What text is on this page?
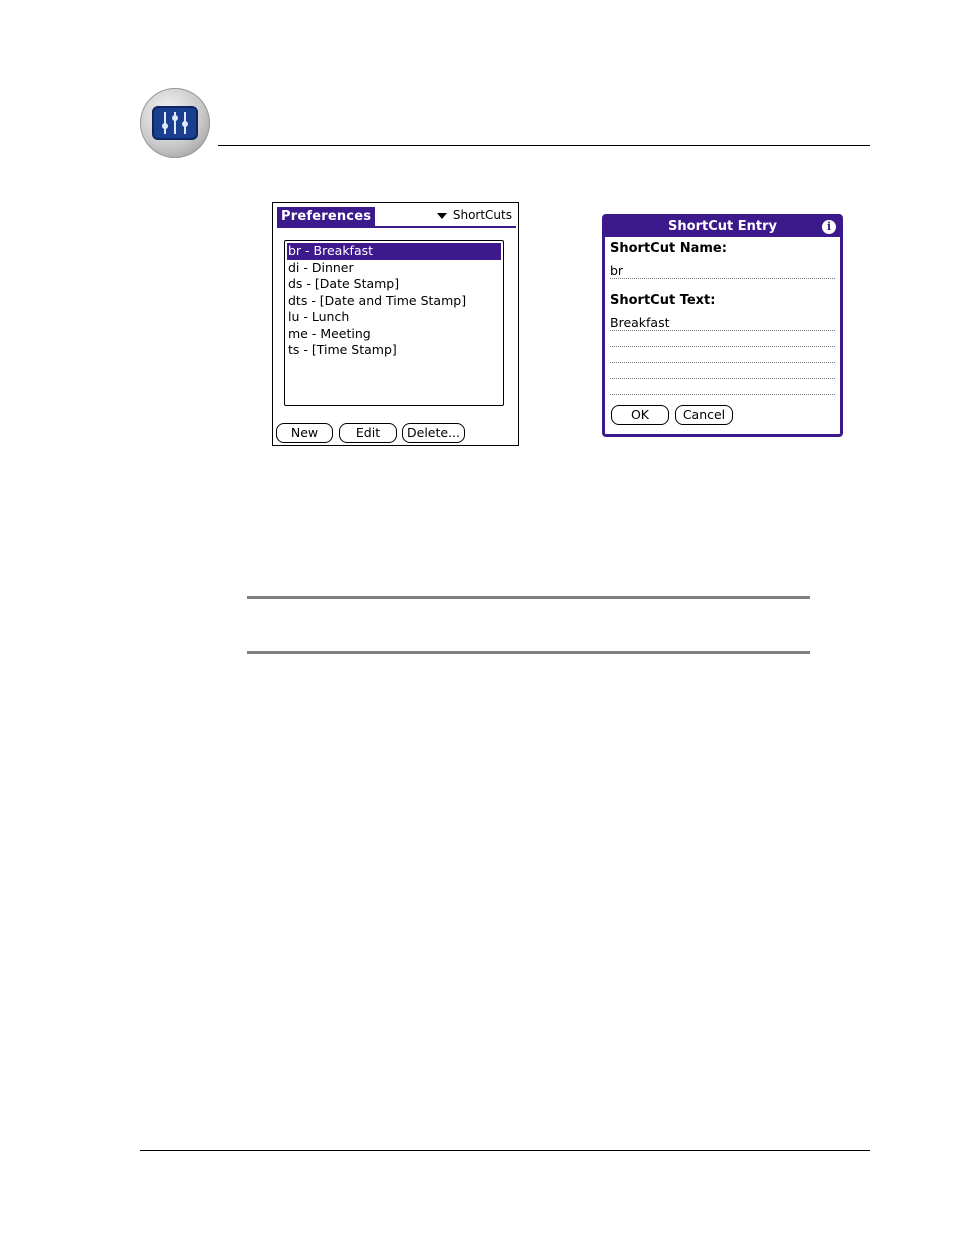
Preferences	ShortCuts
br - Breakfast
di - Dinner
ds - [Date Stamp]
dts - [Date and Time Stamp]
lu - Lunch
me - Meeting
ts - [Time Stamp]
New	Edit	Delete...
ShortCut Entry	i
ShortCut Name:
br
ShortCut Text:
Breakfast
OK	Cancel
